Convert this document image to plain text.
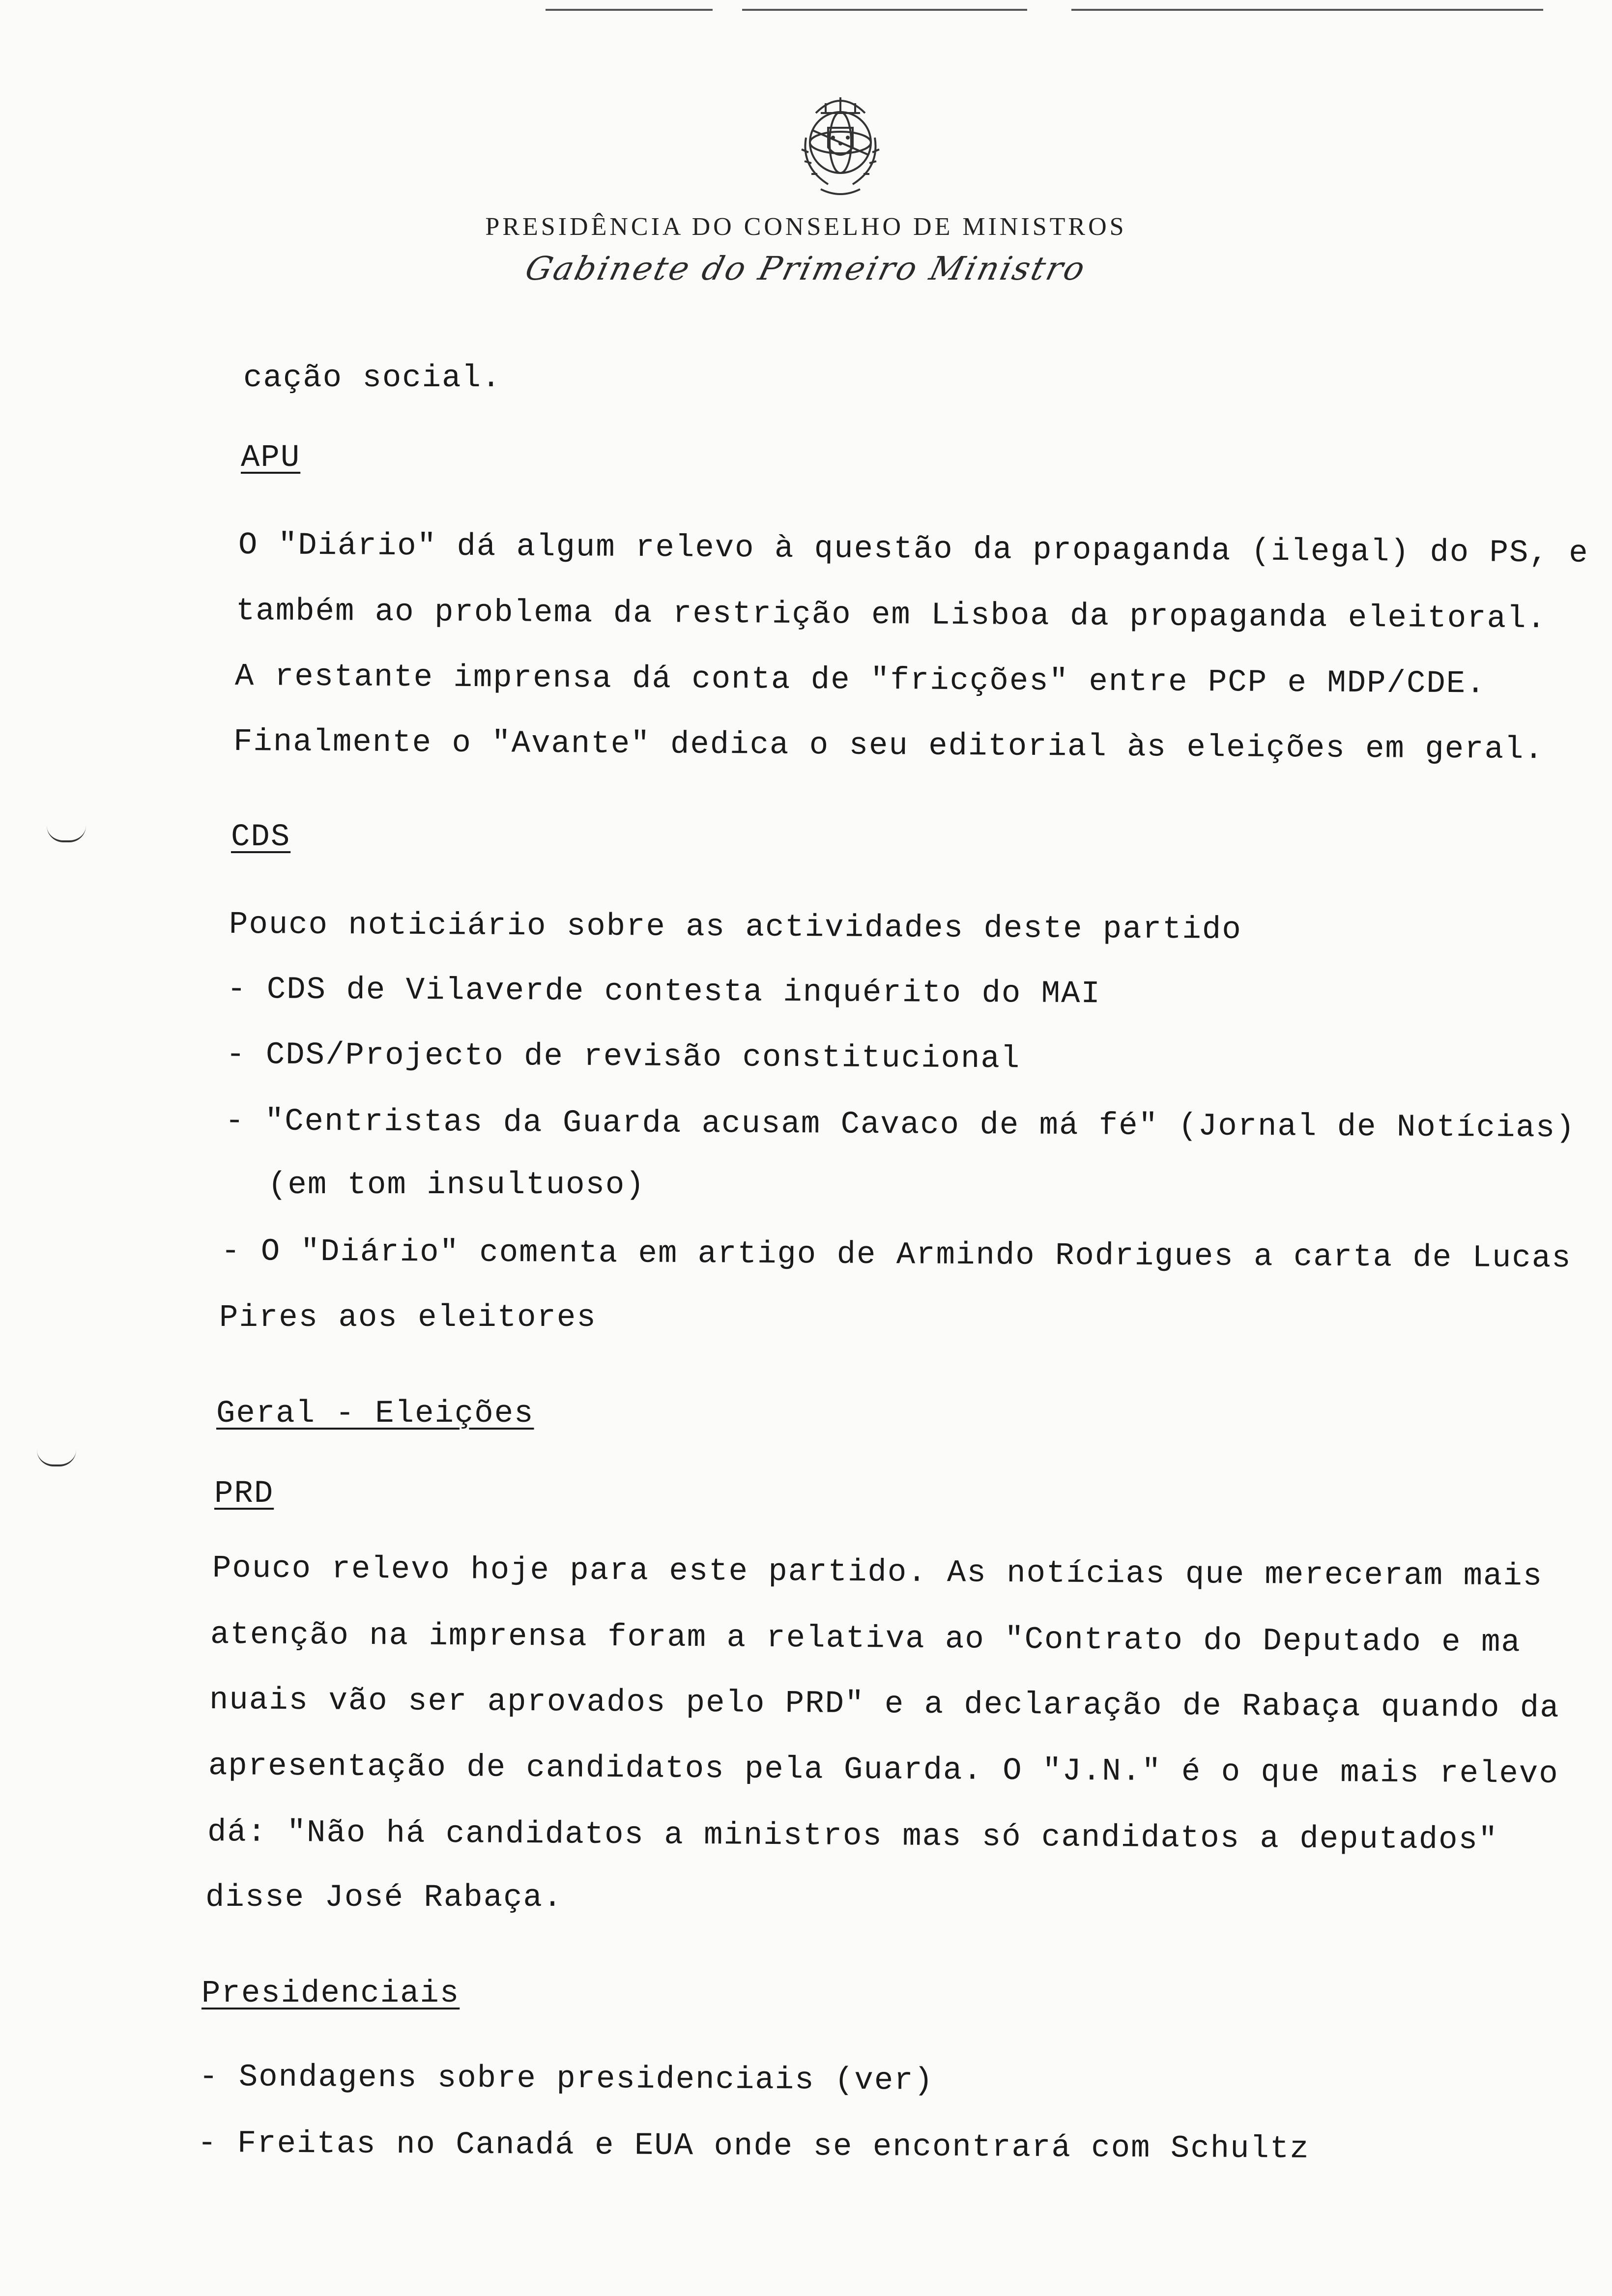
PRESIDÊNCIA DO CONSELHO DE MINISTROS
Gabinete do Primeiro Ministro
cação social.
APU
O "Diário" dá algum relevo à questão da propaganda (ilegal) do PS, e
também ao problema da restrição em Lisboa da propaganda eleitoral.
A restante imprensa dá conta de "fricções" entre PCP e MDP/CDE.
Finalmente o "Avante" dedica o seu editorial às eleições em geral.
CDS
Pouco noticiário sobre as actividades deste partido
- CDS de Vilaverde contesta inquérito do MAI
- CDS/Projecto de revisão constitucional
- "Centristas da Guarda acusam Cavaco de má fé" (Jornal de Notícias)
(em tom insultuoso)
- O "Diário" comenta em artigo de Armindo Rodrigues a carta de Lucas
Pires aos eleitores
Geral - Eleições
PRD
Pouco relevo hoje para este partido. As notícias que mereceram mais
atenção na imprensa foram a relativa ao "Contrato do Deputado e ma
nuais vão ser aprovados pelo PRD" e a declaração de Rabaça quando da
apresentação de candidatos pela Guarda. O "J.N." é o que mais relevo
dá: "Não há candidatos a ministros mas só candidatos a deputados"
disse José Rabaça.
Presidenciais
- Sondagens sobre presidenciais (ver)
- Freitas no Canadá e EUA onde se encontrará com Schultz
